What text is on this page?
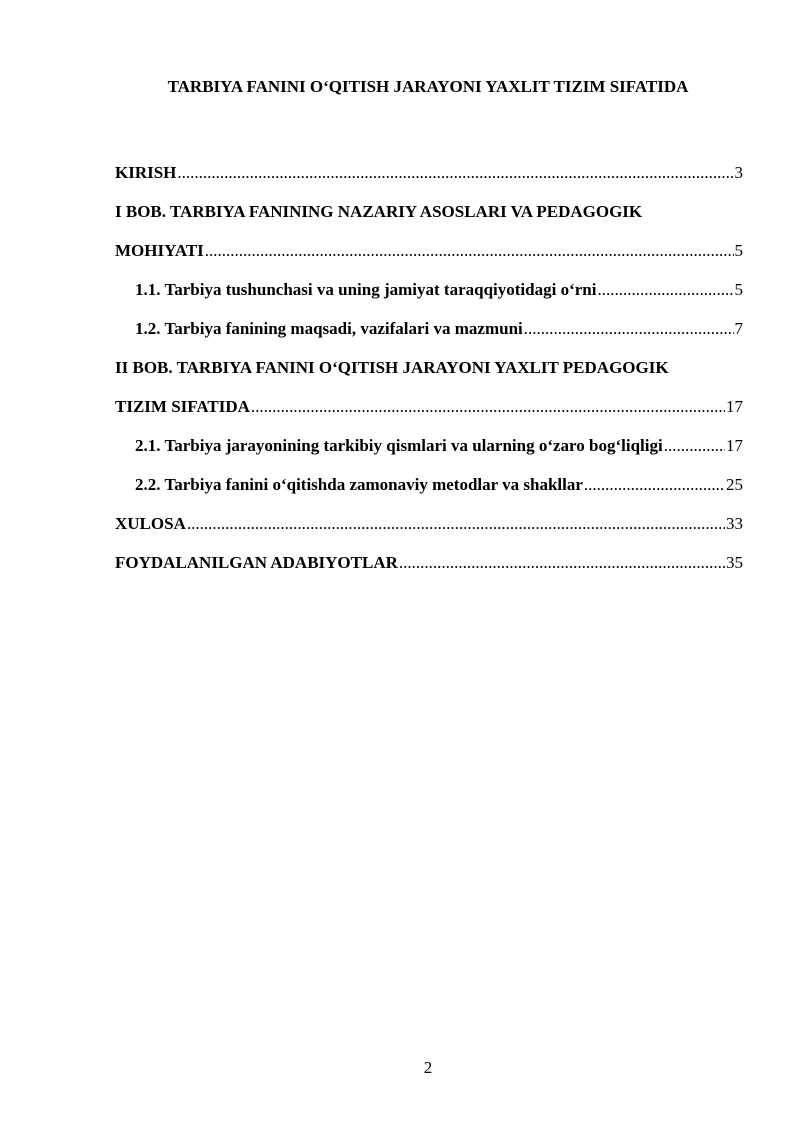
TARBIYA FANINI O‘QITISH JARAYONI YAXLIT TIZIM SIFATIDA
KIRISH .....	3
I BOB. TARBIYA FANINING NAZARIY ASOSLARI VA PEDAGOGIK
MOHIYATI .....	5
1.1. Tarbiya tushunchasi va uning jamiyat taraqqiyotidagi o‘rni .....	5
1.2. Tarbiya fanining maqsadi, vazifalari va mazmuni .....	7
II BOB. TARBIYA FANINI O‘QITISH JARAYONI YAXLIT PEDAGOGIK
TIZIM SIFATIDA .....	17
2.1. Tarbiya jarayonining tarkibiy qismlari va ularning o‘zaro bog‘liqligi .....	17
2.2. Tarbiya fanini o‘qitishda zamonaviy metodlar va shakllar .....	25
XULOSA .....	33
FOYDALANILGAN ADABIYOTLAR .....	35
2
